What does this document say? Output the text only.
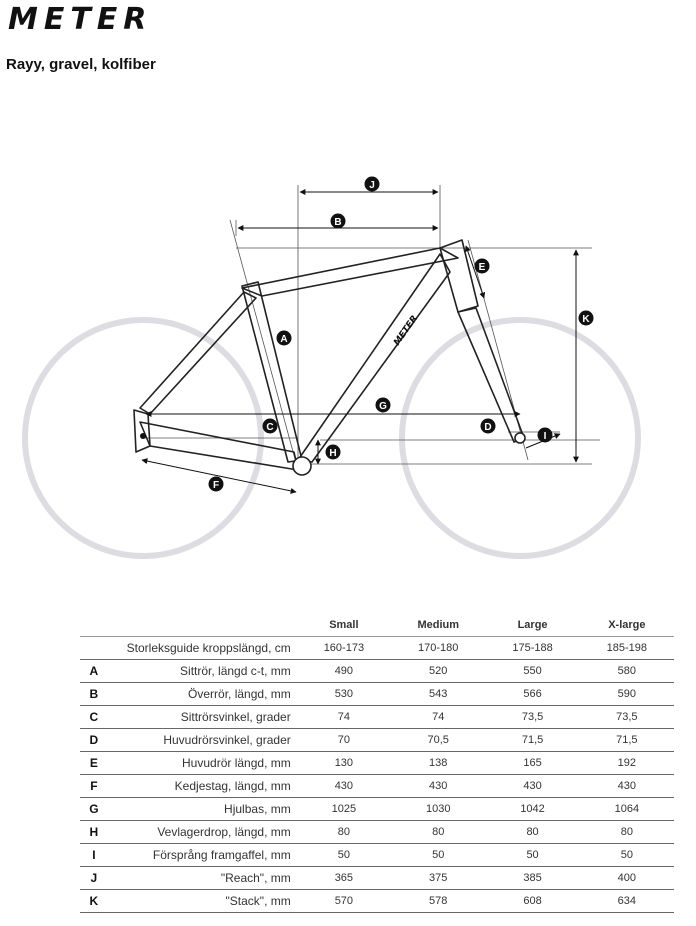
METER
Rayy, gravel, kolfiber
METER
J
B
E
K
A
G
C	D
I
H
F
		Small	Medium	Large	X-large
	Storleksguide kroppslängd, cm	160-173	170-180	175-188	185-198
A	Sittrör, längd c-t, mm	490	520	550	580
B	Överrör, längd, mm	530	543	566	590
C	Sittrörsvinkel, grader	74	74	73,5	73,5
D	Huvudrörsvinkel, grader	70	70,5	71,5	71,5
E	Huvudrör längd, mm	130	138	165	192
F	Kedjestag, längd, mm	430	430	430	430
G	Hjulbas, mm	1025	1030	1042	1064
H	Vevlagerdrop, längd, mm	80	80	80	80
I	Försprång framgaffel, mm	50	50	50	50
J	"Reach", mm	365	375	385	400
K	"Stack", mm	570	578	608	634
